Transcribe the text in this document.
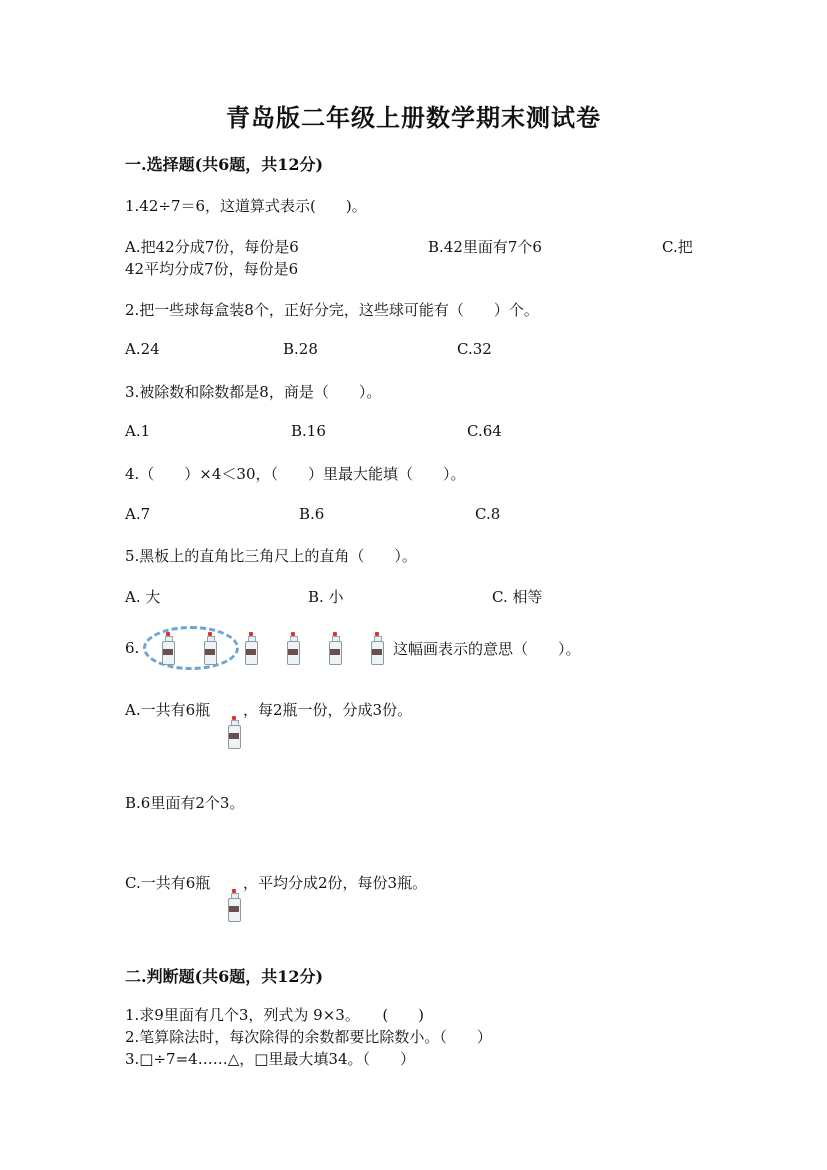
青岛版二年级上册数学期末测试卷
一.选择题(共6题，共12分)
1.42÷7＝6，这道算式表示(　　)。
A.把42分成7份，每份是6	B.42里面有7个6	C.把
42平均分成7份，每份是6
2.把一些球每盒装8个，正好分完，这些球可能有（　　）个。
A.24	B.28	C.32
3.被除数和除数都是8，商是（　　）。
A.1	B.16	C.64
4.（　　）×4＜30，（　　）里最大能填（　　）。
A.7	B.6	C.8
5.黑板上的直角比三角尺上的直角（　　）。
A. 大	B. 小	C. 相等
6.	这幅画表示的意思（　　）。
A.一共有6瓶 ，每2瓶一份，分成3份。
B.6里面有2个3。
C.一共有6瓶 ，平均分成2份，每份3瓶。
二.判断题(共6题，共12分)
1.求9里面有几个3，列式为 9×3。　　(　　)
2.笔算除法时，每次除得的余数都要比除数小。（　　）
3.□÷7=4……△，□里最大填34。（　　）
